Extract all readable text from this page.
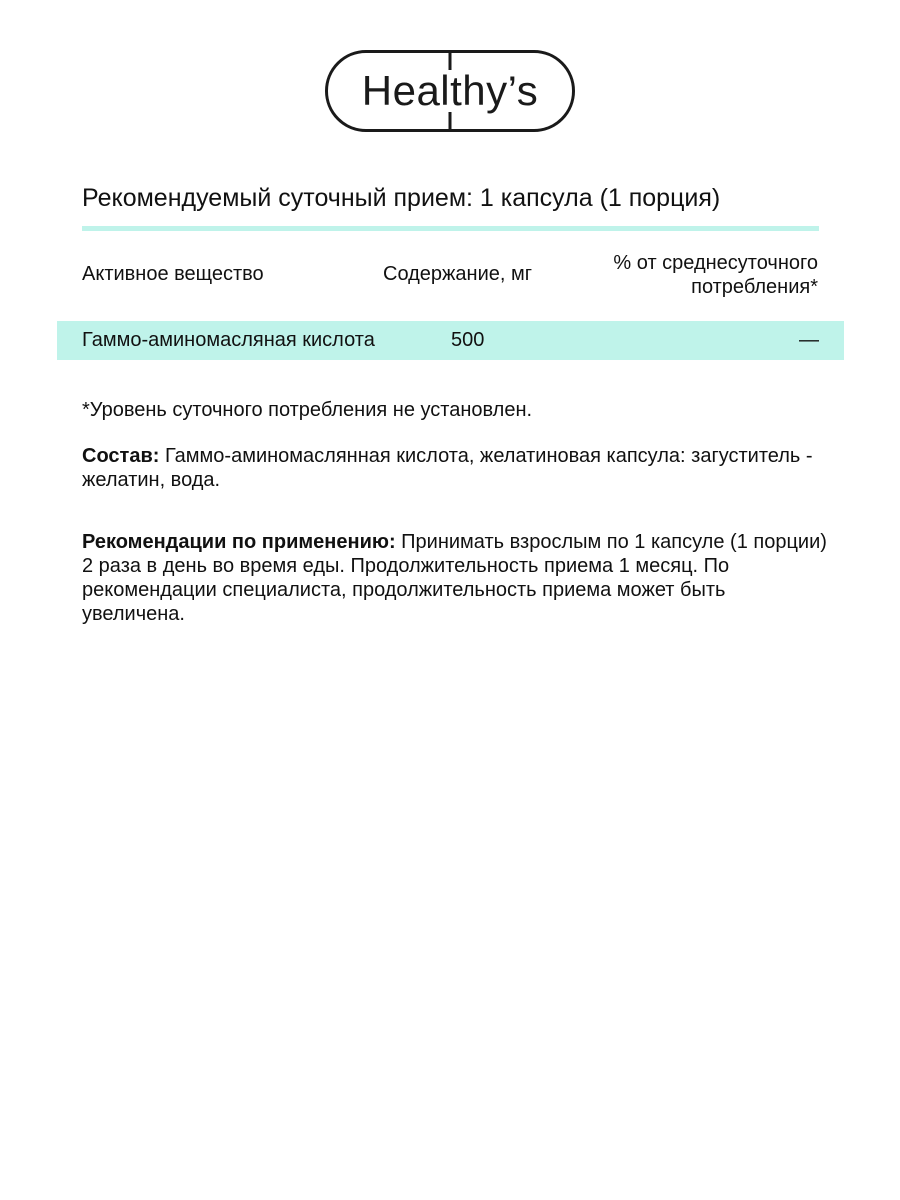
Healthy’s
Рекомендуемый суточный прием: 1 капсула (1 порция)
Активное вещество	Содержание, мг	% от среднесуточного потребления*
Гаммо-аминомасляная кислота	500	—
*Уровень суточного потребления не установлен.
Состав: Гаммо-аминомаслянная кислота, желатиновая капсула: загуститель - желатин, вода.
Рекомендации по применению: Принимать взрослым по 1 капсуле (1 порции) 2 раза в день во время еды. Продолжительность приема 1 месяц. По рекомендации специалиста, продолжительность приема может быть увеличена.
